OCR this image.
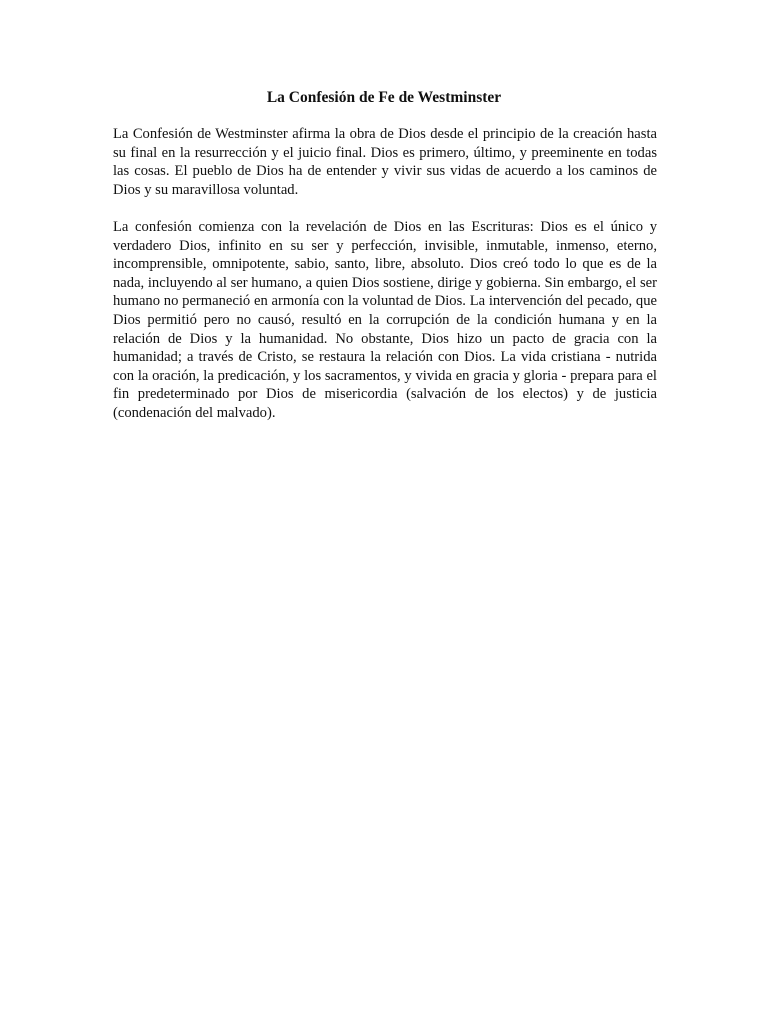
La Confesión de Fe de Westminster

La Confesión de Westminster afirma la obra de Dios desde el principio de la creación hasta su final en la resurrección y el juicio final. Dios es primero, último, y preeminente en todas las cosas. El pueblo de Dios ha de entender y vivir sus vidas de acuerdo a los caminos de Dios y su maravillosa voluntad.

La confesión comienza con la revelación de Dios en las Escrituras: Dios es el único y verdadero Dios, infinito en su ser y perfección, invisible, inmutable, inmenso, eterno, incomprensible, omnipotente, sabio, santo, libre, absoluto. Dios creó todo lo que es de la nada, incluyendo al ser humano, a quien Dios sostiene, dirige y gobierna. Sin embargo, el ser humano no permaneció en armonía con la voluntad de Dios. La intervención del pecado, que Dios permitió pero no causó, resultó en la corrupción de la condición humana y en la relación de Dios y la humanidad. No obstante, Dios hizo un pacto de gracia con la humanidad; a través de Cristo, se restaura la relación con Dios. La vida cristiana - nutrida con la oración, la predicación, y los sacramentos, y vivida en gracia y gloria - prepara para el fin predeterminado por Dios de misericordia (salvación de los electos) y de justicia (condenación del malvado).
